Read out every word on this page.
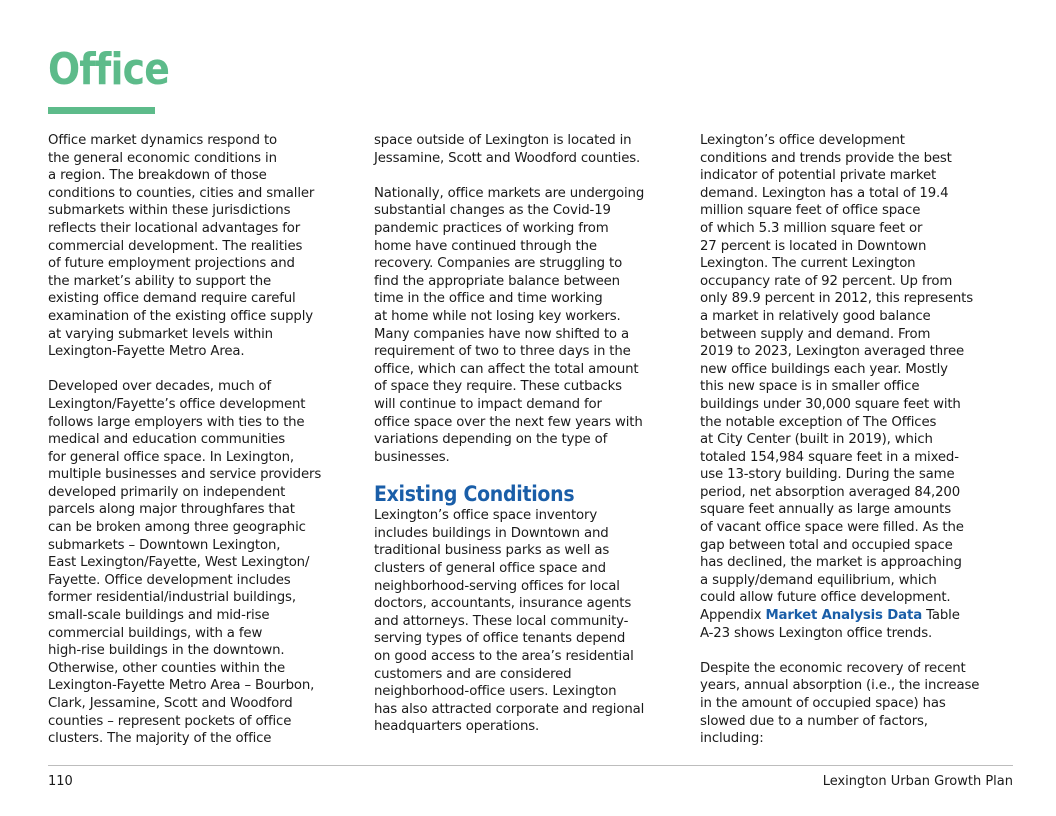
Office
Office market dynamics respond to
the general economic conditions in
a region. The breakdown of those
conditions to counties, cities and smaller
submarkets within these jurisdictions
reflects their locational advantages for
commercial development. The realities
of future employment projections and
the market’s ability to support the
existing office demand require careful
examination of the existing office supply
at varying submarket levels within
Lexington-Fayette Metro Area.
Developed over decades, much of
Lexington/Fayette’s office development
follows large employers with ties to the
medical and education communities
for general office space. In Lexington,
multiple businesses and service providers
developed primarily on independent
parcels along major throughfares that
can be broken among three geographic
submarkets – Downtown Lexington,
East Lexington/Fayette, West Lexington/
Fayette. Office development includes
former residential/industrial buildings,
small-scale buildings and mid-rise
commercial buildings, with a few
high-rise buildings in the downtown.
Otherwise, other counties within the
Lexington-Fayette Metro Area – Bourbon,
Clark, Jessamine, Scott and Woodford
counties – represent pockets of office
clusters. The majority of the office
space outside of Lexington is located in
Jessamine, Scott and Woodford counties.
Nationally, office markets are undergoing
substantial changes as the Covid-19
pandemic practices of working from
home have continued through the
recovery. Companies are struggling to
find the appropriate balance between
time in the office and time working
at home while not losing key workers.
Many companies have now shifted to a
requirement of two to three days in the
office, which can affect the total amount
of space they require. These cutbacks
will continue to impact demand for
office space over the next few years with
variations depending on the type of
businesses.
Existing Conditions
Lexington’s office space inventory
includes buildings in Downtown and
traditional business parks as well as
clusters of general office space and
neighborhood-serving offices for local
doctors, accountants, insurance agents
and attorneys. These local community-
serving types of office tenants depend
on good access to the area’s residential
customers and are considered
neighborhood-office users. Lexington
has also attracted corporate and regional
headquarters operations.
Lexington’s office development
conditions and trends provide the best
indicator of potential private market
demand. Lexington has a total of 19.4
million square feet of office space
of which 5.3 million square feet or
27 percent is located in Downtown
Lexington. The current Lexington
occupancy rate of 92 percent. Up from
only 89.9 percent in 2012, this represents
a market in relatively good balance
between supply and demand. From
2019 to 2023, Lexington averaged three
new office buildings each year. Mostly
this new space is in smaller office
buildings under 30,000 square feet with
the notable exception of The Offices
at City Center (built in 2019), which
totaled 154,984 square feet in a mixed-
use 13-story building. During the same
period, net absorption averaged 84,200
square feet annually as large amounts
of vacant office space were filled. As the
gap between total and occupied space
has declined, the market is approaching
a supply/demand equilibrium, which
could allow future office development.
Appendix Market Analysis Data Table
A-23 shows Lexington office trends.
Despite the economic recovery of recent
years, annual absorption (i.e., the increase
in the amount of occupied space) has
slowed due to a number of factors,
including:
110	Lexington Urban Growth Plan
